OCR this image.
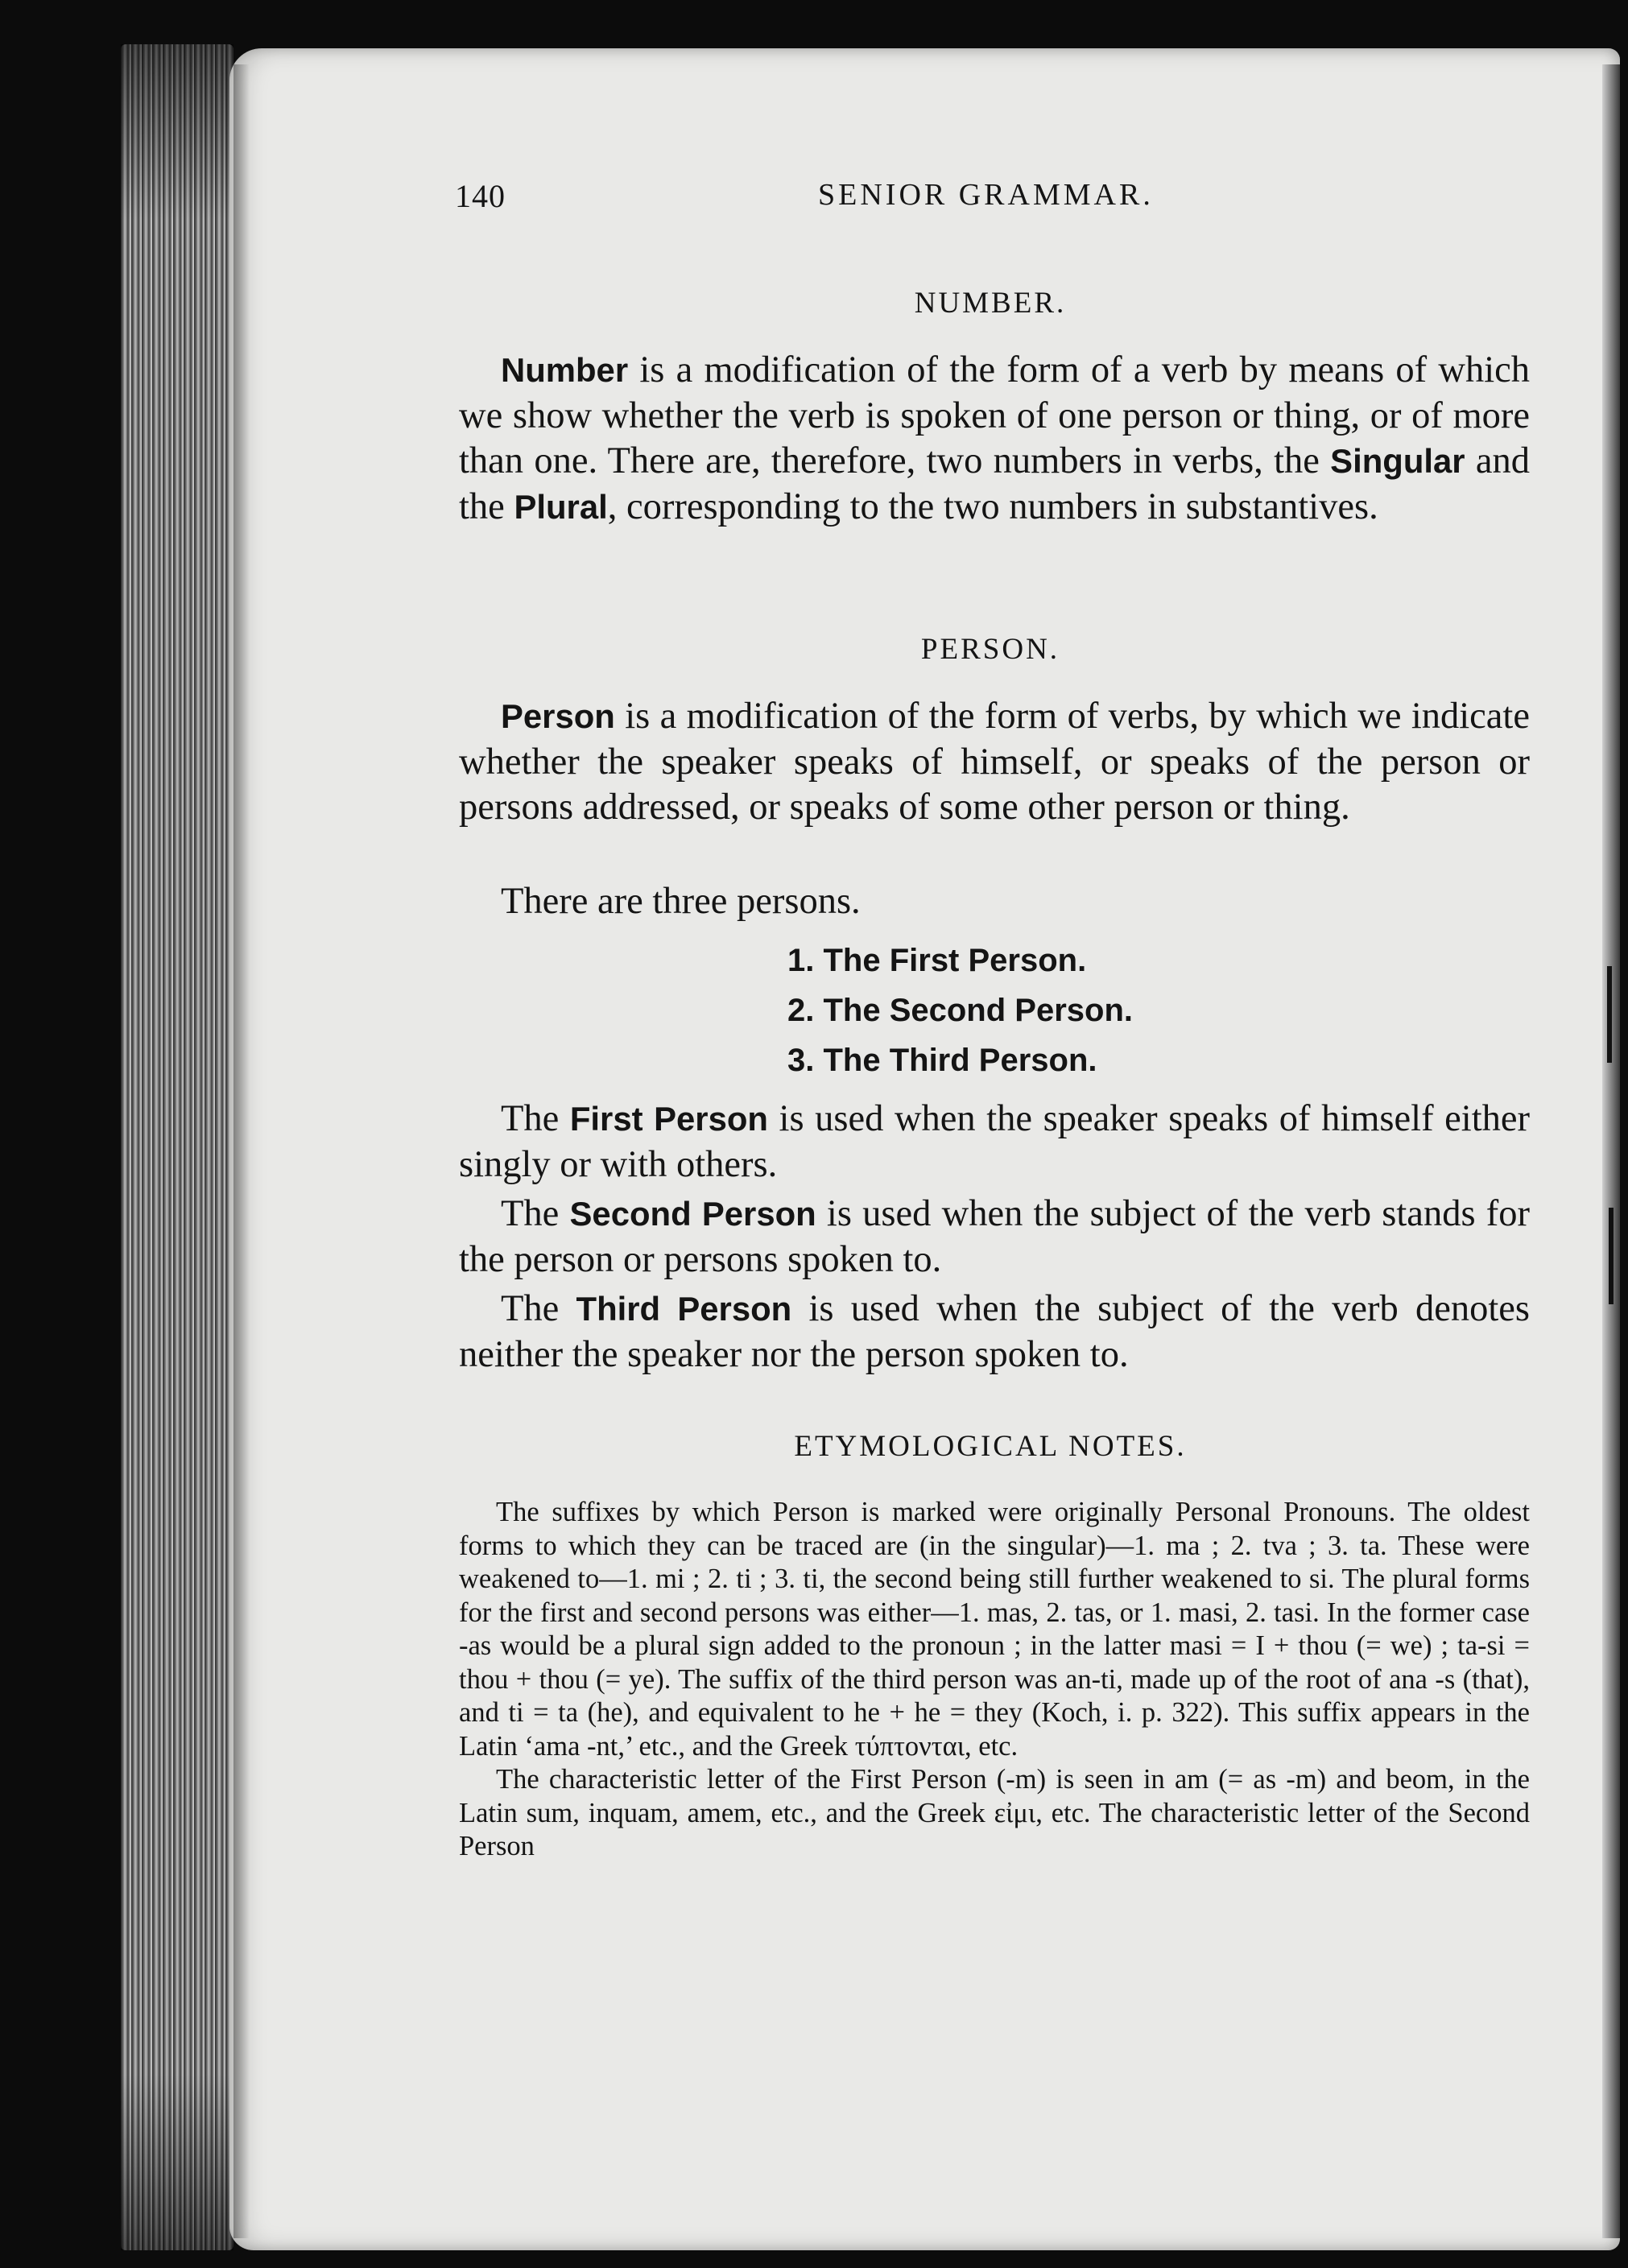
140	SENIOR GRAMMAR.
NUMBER.
Number is a modification of the form of a verb by means of which we show whether the verb is spoken of one person or thing, or of more than one. There are, therefore, two numbers in verbs, the Singular and the Plural, corresponding to the two numbers in substantives.
PERSON.
Person is a modification of the form of verbs, by which we indicate whether the speaker speaks of himself, or speaks of the person or persons addressed, or speaks of some other person or thing.
There are three persons.
1. The First Person.
2. The Second Person.
3. The Third Person.
The First Person is used when the speaker speaks of himself either singly or with others.
The Second Person is used when the subject of the verb stands for the person or persons spoken to.
The Third Person is used when the subject of the verb denotes neither the speaker nor the person spoken to.
ETYMOLOGICAL NOTES.

The suffixes by which Person is marked were originally Personal Pronouns. The oldest forms to which they can be traced are (in the singular)—1. ma ; 2. tva ; 3. ta. These were weakened to—1. mi ; 2. ti ; 3. ti, the second being still further weakened to si. The plural forms for the first and second persons was either—1. mas, 2. tas, or 1. masi, 2. tasi. In the former case -as would be a plural sign added to the pronoun ; in the latter masi = I + thou (= we) ; ta-si = thou + thou (= ye). The suffix of the third person was an-ti, made up of the root of ana -s (that), and ti = ta (he), and equivalent to he + he = they (Koch, i. p. 322). This suffix appears in the Latin ‘ama -nt,’ etc., and the Greek τύπτονται, etc.

The characteristic letter of the First Person (-m) is seen in am (= as -m) and beom, in the Latin sum, inquam, amem, etc., and the Greek εἰμι, etc. The characteristic letter of the Second Person
